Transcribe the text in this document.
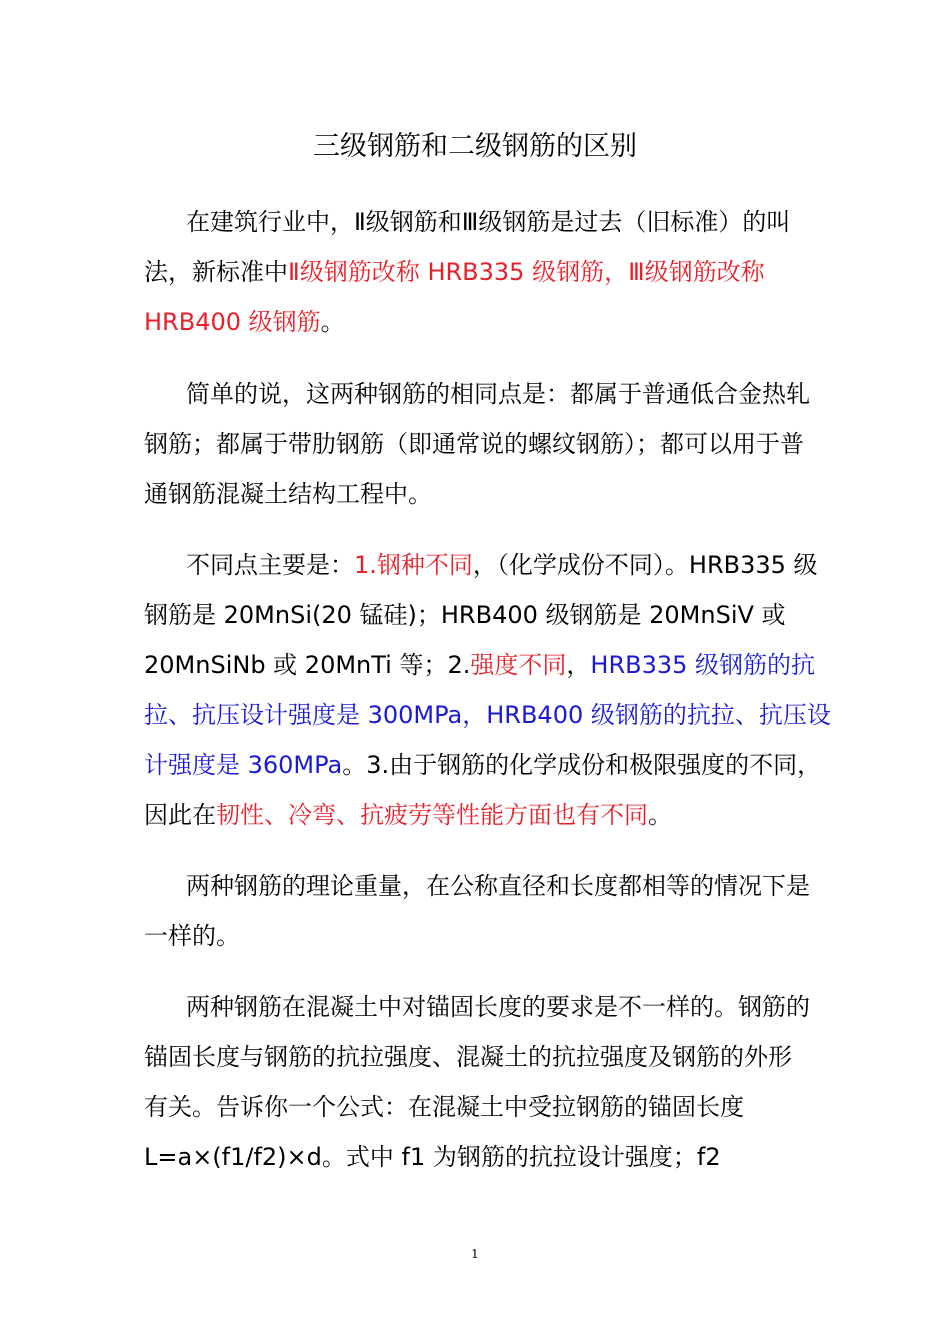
三级钢筋和二级钢筋的区别

在建筑行业中，Ⅱ级钢筋和Ⅲ级钢筋是过去（旧标准）的叫法，新标准中Ⅱ级钢筋改称 HRB335 级钢筋，Ⅲ级钢筋改称 HRB400 级钢筋。

简单的说，这两种钢筋的相同点是：都属于普通低合金热轧钢筋；都属于带肋钢筋（即通常说的螺纹钢筋）；都可以用于普通钢筋混凝土结构工程中。

不同点主要是：1.钢种不同，（化学成份不同）。HRB335 级钢筋是 20MnSi(20 锰硅)；HRB400 级钢筋是 20MnSiV 或 20MnSiNb 或 20MnTi 等；2.强度不同，HRB335 级钢筋的抗拉、抗压设计强度是 300MPa，HRB400 级钢筋的抗拉、抗压设计强度是 360MPa。3.由于钢筋的化学成份和极限强度的不同，因此在韧性、冷弯、抗疲劳等性能方面也有不同。

两种钢筋的理论重量，在公称直径和长度都相等的情况下是一样的。

两种钢筋在混凝土中对锚固长度的要求是不一样的。钢筋的锚固长度与钢筋的抗拉强度、混凝土的抗拉强度及钢筋的外形有关。告诉你一个公式：在混凝土中受拉钢筋的锚固长度 L=a×(f1/f2)×d。式中 f1 为钢筋的抗拉设计强度；f2

1
